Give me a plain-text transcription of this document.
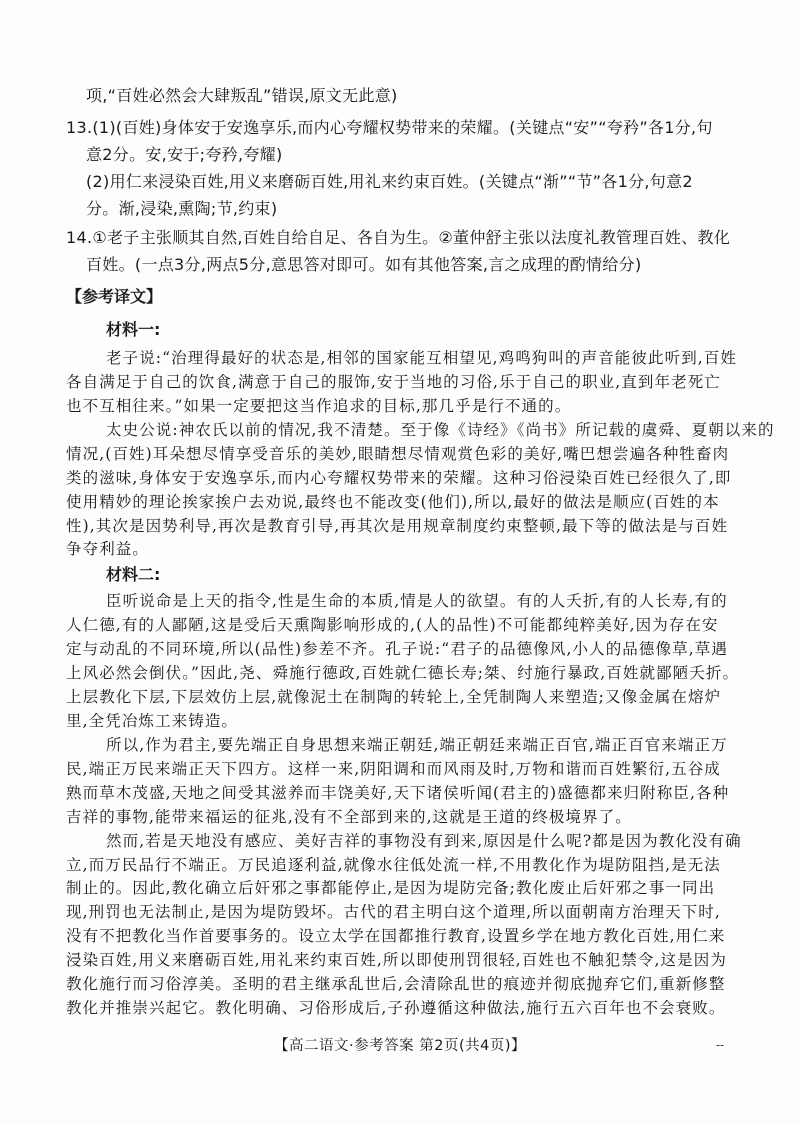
项,“百姓必然会大肆叛乱”错误,原文无此意)
13.(1)(百姓)身体安于安逸享乐,而内心夸耀权势带来的荣耀。(关键点“安”“夸矜”各1分,句
意2分。安,安于;夸矜,夸耀)
(2)用仁来浸染百姓,用义来磨砺百姓,用礼来约束百姓。(关键点“渐”“节”各1分,句意2
分。渐,浸染,熏陶;节,约束)
14.①老子主张顺其自然,百姓自给自足、各自为生。②董仲舒主张以法度礼教管理百姓、教化
百姓。(一点3分,两点5分,意思答对即可。如有其他答案,言之成理的酌情给分)
【参考译文】
材料一:
老子说:“治理得最好的状态是,相邻的国家能互相望见,鸡鸣狗叫的声音能彼此听到,百姓
各自满足于自己的饮食,满意于自己的服饰,安于当地的习俗,乐于自己的职业,直到年老死亡
也不互相往来。”如果一定要把这当作追求的目标,那几乎是行不通的。
太史公说:神农氏以前的情况,我不清楚。至于像《诗经》《尚书》所记载的虞舜、夏朝以来的
情况,(百姓)耳朵想尽情享受音乐的美妙,眼睛想尽情观赏色彩的美好,嘴巴想尝遍各种牲畜肉
类的滋味,身体安于安逸享乐,而内心夸耀权势带来的荣耀。这种习俗浸染百姓已经很久了,即
使用精妙的理论挨家挨户去劝说,最终也不能改变(他们),所以,最好的做法是顺应(百姓的本
性),其次是因势利导,再次是教育引导,再其次是用规章制度约束整顿,最下等的做法是与百姓
争夺利益。
材料二:
臣听说命是上天的指令,性是生命的本质,情是人的欲望。有的人夭折,有的人长寿,有的
人仁德,有的人鄙陋,这是受后天熏陶影响形成的,(人的品性)不可能都纯粹美好,因为存在安
定与动乱的不同环境,所以(品性)参差不齐。孔子说:“君子的品德像风,小人的品德像草,草遇
上风必然会倒伏。”因此,尧、舜施行德政,百姓就仁德长寿;桀、纣施行暴政,百姓就鄙陋夭折。
上层教化下层,下层效仿上层,就像泥土在制陶的转轮上,全凭制陶人来塑造;又像金属在熔炉
里,全凭冶炼工来铸造。
所以,作为君主,要先端正自身思想来端正朝廷,端正朝廷来端正百官,端正百官来端正万
民,端正万民来端正天下四方。这样一来,阴阳调和而风雨及时,万物和谐而百姓繁衍,五谷成
熟而草木茂盛,天地之间受其滋养而丰饶美好,天下诸侯听闻(君主的)盛德都来归附称臣,各种
吉祥的事物,能带来福运的征兆,没有不全部到来的,这就是王道的终极境界了。
然而,若是天地没有感应、美好吉祥的事物没有到来,原因是什么呢?都是因为教化没有确
立,而万民品行不端正。万民追逐利益,就像水往低处流一样,不用教化作为堤防阻挡,是无法
制止的。因此,教化确立后奸邪之事都能停止,是因为堤防完备;教化废止后奸邪之事一同出
现,刑罚也无法制止,是因为堤防毁坏。古代的君主明白这个道理,所以面朝南方治理天下时,
没有不把教化当作首要事务的。设立太学在国都推行教育,设置乡学在地方教化百姓,用仁来
浸染百姓,用义来磨砺百姓,用礼来约束百姓,所以即使刑罚很轻,百姓也不触犯禁令,这是因为
教化施行而习俗淳美。圣明的君主继承乱世后,会清除乱世的痕迹并彻底抛弃它们,重新修整
教化并推崇兴起它。教化明确、习俗形成后,子孙遵循这种做法,施行五六百年也不会衰败。
【高二语文·参考答案 第2页(共4页)】	--
